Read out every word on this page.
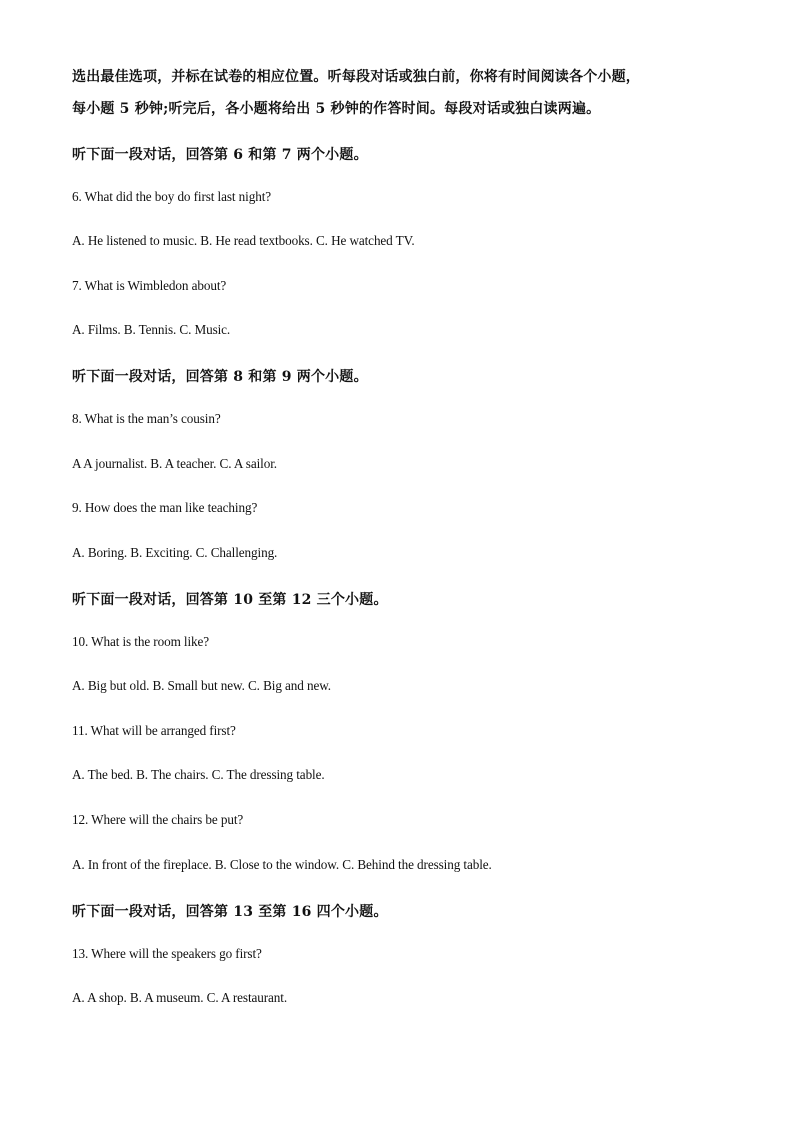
选出最佳选项，并标在试卷的相应位置。听每段对话或独白前，你将有时间阅读各个小题，
每小题 5 秒钟;听完后，各小题将给出 5 秒钟的作答时间。每段对话或独白读两遍。
听下面一段对话，回答第 6 和第 7 两个小题。
6. What did the boy do first last night?
A. He listened to music. B. He read textbooks. C. He watched TV.
7. What is Wimbledon about?
A. Films. B. Tennis. C. Music.
听下面一段对话，回答第 8 和第 9 两个小题。
8. What is the man’s cousin?
A A journalist. B. A teacher. C. A sailor.
9. How does the man like teaching?
A. Boring. B. Exciting. C. Challenging.
听下面一段对话，回答第 10 至第 12 三个小题。
10. What is the room like?
A. Big but old. B. Small but new. C. Big and new.
11. What will be arranged first?
A. The bed. B. The chairs. C. The dressing table.
12. Where will the chairs be put?
A. In front of the fireplace. B. Close to the window. C. Behind the dressing table.
听下面一段对话，回答第 13 至第 16 四个小题。
13. Where will the speakers go first?
A. A shop. B. A museum. C. A restaurant.
